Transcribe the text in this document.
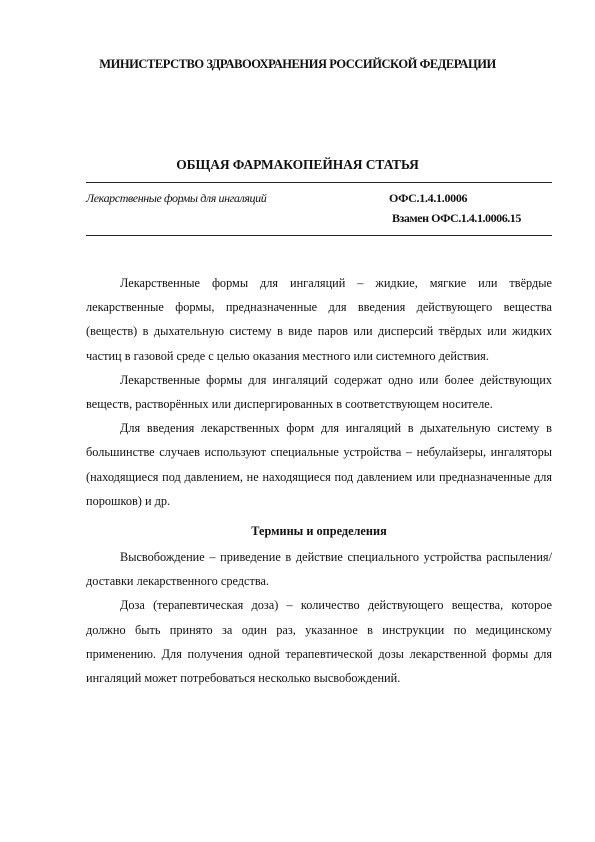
МИНИСТЕРСТВО ЗДРАВООХРАНЕНИЯ РОССИЙСКОЙ ФЕДЕРАЦИИ
ОБЩАЯ ФАРМАКОПЕЙНАЯ СТАТЬЯ
Лекарственные формы для ингаляций	ОФС.1.4.1.0006
Взамен ОФС.1.4.1.0006.15

Лекарственные формы для ингаляций – жидкие, мягкие или твёрдые лекарственные формы, предназначенные для введения действующего вещества (веществ) в дыхательную систему в виде паров или дисперсий твёрдых или жидких частиц в газовой среде с целью оказания местного или системного действия.

Лекарственные формы для ингаляций содержат одно или более действующих веществ, растворённых или диспергированных в соответствующем носителе.

Для введения лекарственных форм для ингаляций в дыхательную систему в большинстве случаев используют специальные устройства – небулайзеры, ингаляторы (находящиеся под давлением, не находящиеся под давлением или предназначенные для порошков) и др.

Термины и определения

Высвобождение – приведение в действие специального устройства распыления/доставки лекарственного средства.

Доза (терапевтическая доза) – количество действующего вещества, которое должно быть принято за один раз, указанное в инструкции по медицинскому применению. Для получения одной терапевтической дозы лекарственной формы для ингаляций может потребоваться несколько высвобождений.
